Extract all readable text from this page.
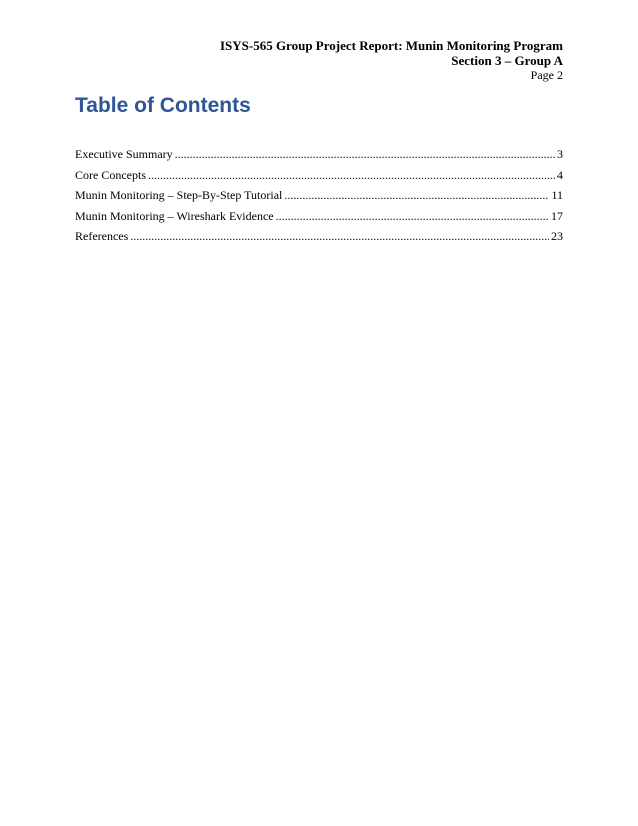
ISYS-565 Group Project Report: Munin Monitoring Program
Section 3 – Group A
Page 2
Table of Contents
Executive Summary .....	3
Core Concepts .....	4
Munin Monitoring – Step-By-Step Tutorial .....	11
Munin Monitoring – Wireshark Evidence .....	17
References .....	23
